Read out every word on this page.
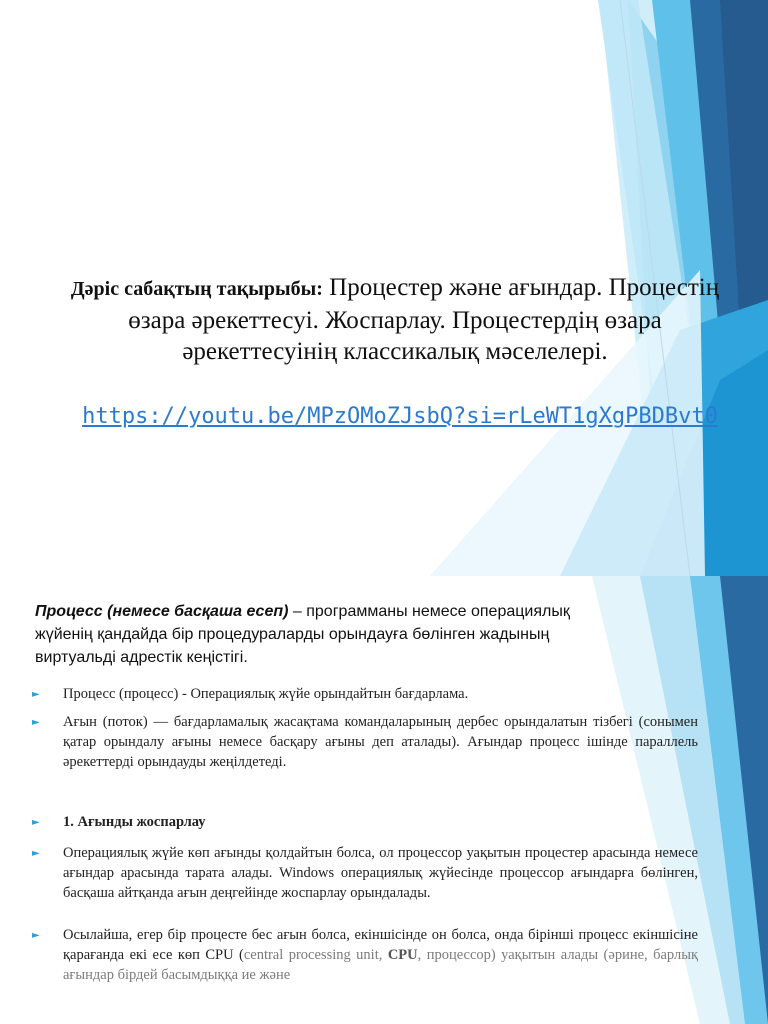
Дәріс сабақтың тақырыбы: Процестер және ағындар. Процестің өзара әрекеттесуі. Жоспарлау. Процестердің өзара әрекеттесуінің классикалық мәселелері.
https://youtu.be/MPzOMoZJsbQ?si=rLeWT1gXgPBDBvt0
Процесс (немесе басқаша есеп) – программаны немесе операциялық жүйенің қандайда бір процедураларды орындауға бөлінген жадының виртуальді адрестік кеңістігі.
► Процесс (процесс) - Операциялық жүйе орындайтын бағдарлама.
► Ағын (поток) — бағдарламалық жасақтама командаларының дербес орындалатын тізбегі (сонымен қатар орындалу ағыны немесе басқару ағыны деп аталады). Ағындар процесс ішінде параллель әрекеттерді орындауды жеңілдетеді.
► 1. Ағынды жоспарлау
► Операциялық жүйе көп ағынды қолдайтын болса, ол процессор уақытын процестер арасында немесе ағындар арасында тарата алады. Windows операциялық жүйесінде процессор ағындарға бөлінген, басқаша айтқанда ағын деңгейінде жоспарлау орындалады.
► Осылайша, егер бір процесте бес ағын болса, екіншісінде он болса, онда бірінші процесс екіншісіне қарағанда екі есе көп CPU (central processing unit, CPU, процессор) уақытын алады (әрине, барлық ағындар бірдей басымдыққа ие және
